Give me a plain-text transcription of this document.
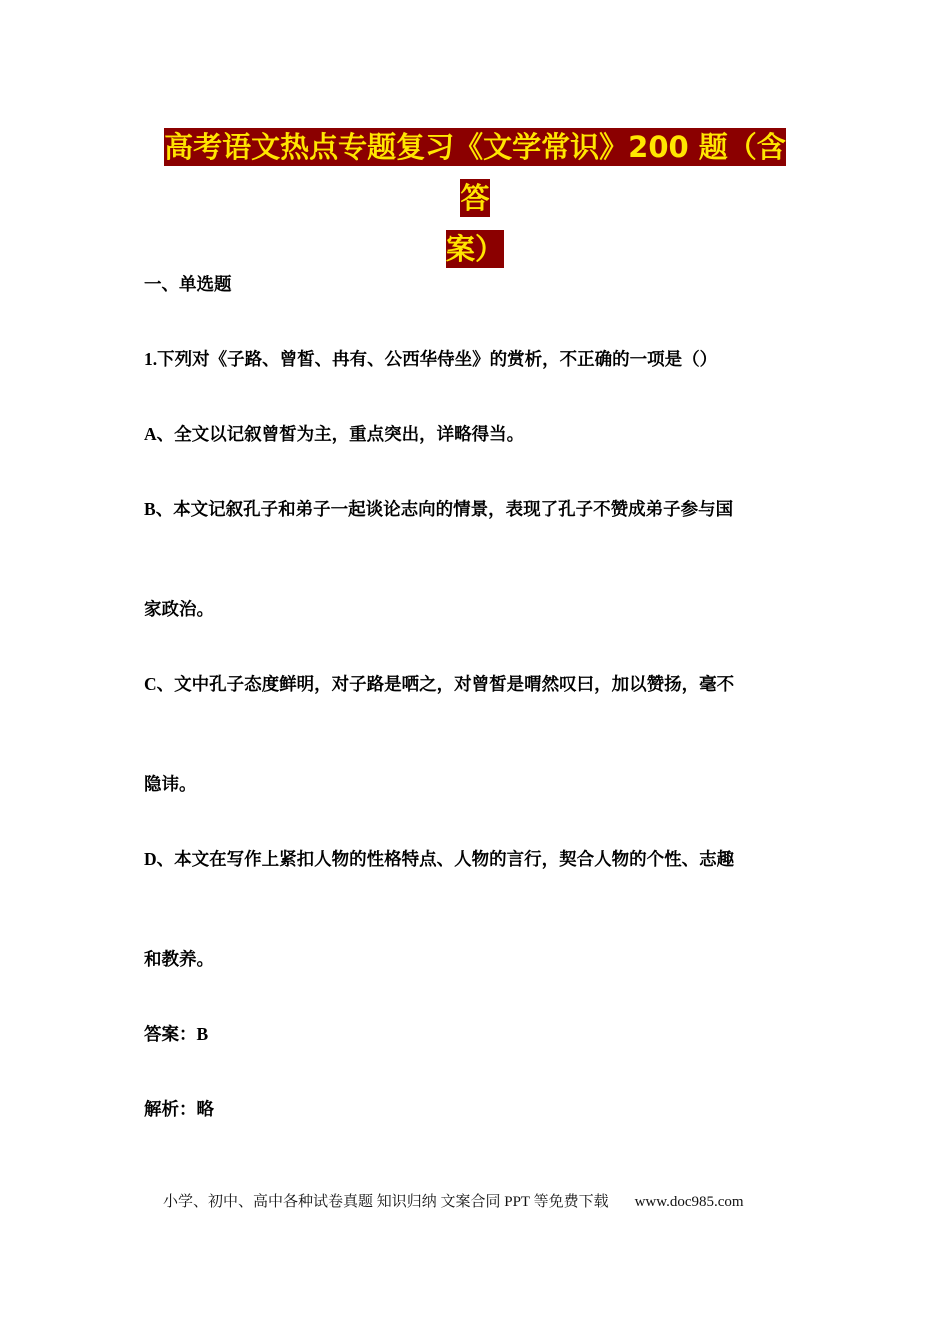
高考语文热点专题复习《文学常识》200 题（含答
案）
一、单选题
1.下列对《子路、曾皙、冉有、公西华侍坐》的赏析，不正确的一项是（）
A、全文以记叙曾皙为主，重点突出，详略得当。
B、本文记叙孔子和弟子一起谈论志向的情景，表现了孔子不赞成弟子参与国
家政治。
C、文中孔子态度鲜明，对子路是哂之，对曾皙是喟然叹曰，加以赞扬，毫不
隐讳。
D、本文在写作上紧扣人物的性格特点、人物的言行，契合人物的个性、志趣
和教养。
答案：B
解析：略
小学、初中、高中各种试卷真题 知识归纳 文案合同 PPT 等免费下载 www.doc985.com
